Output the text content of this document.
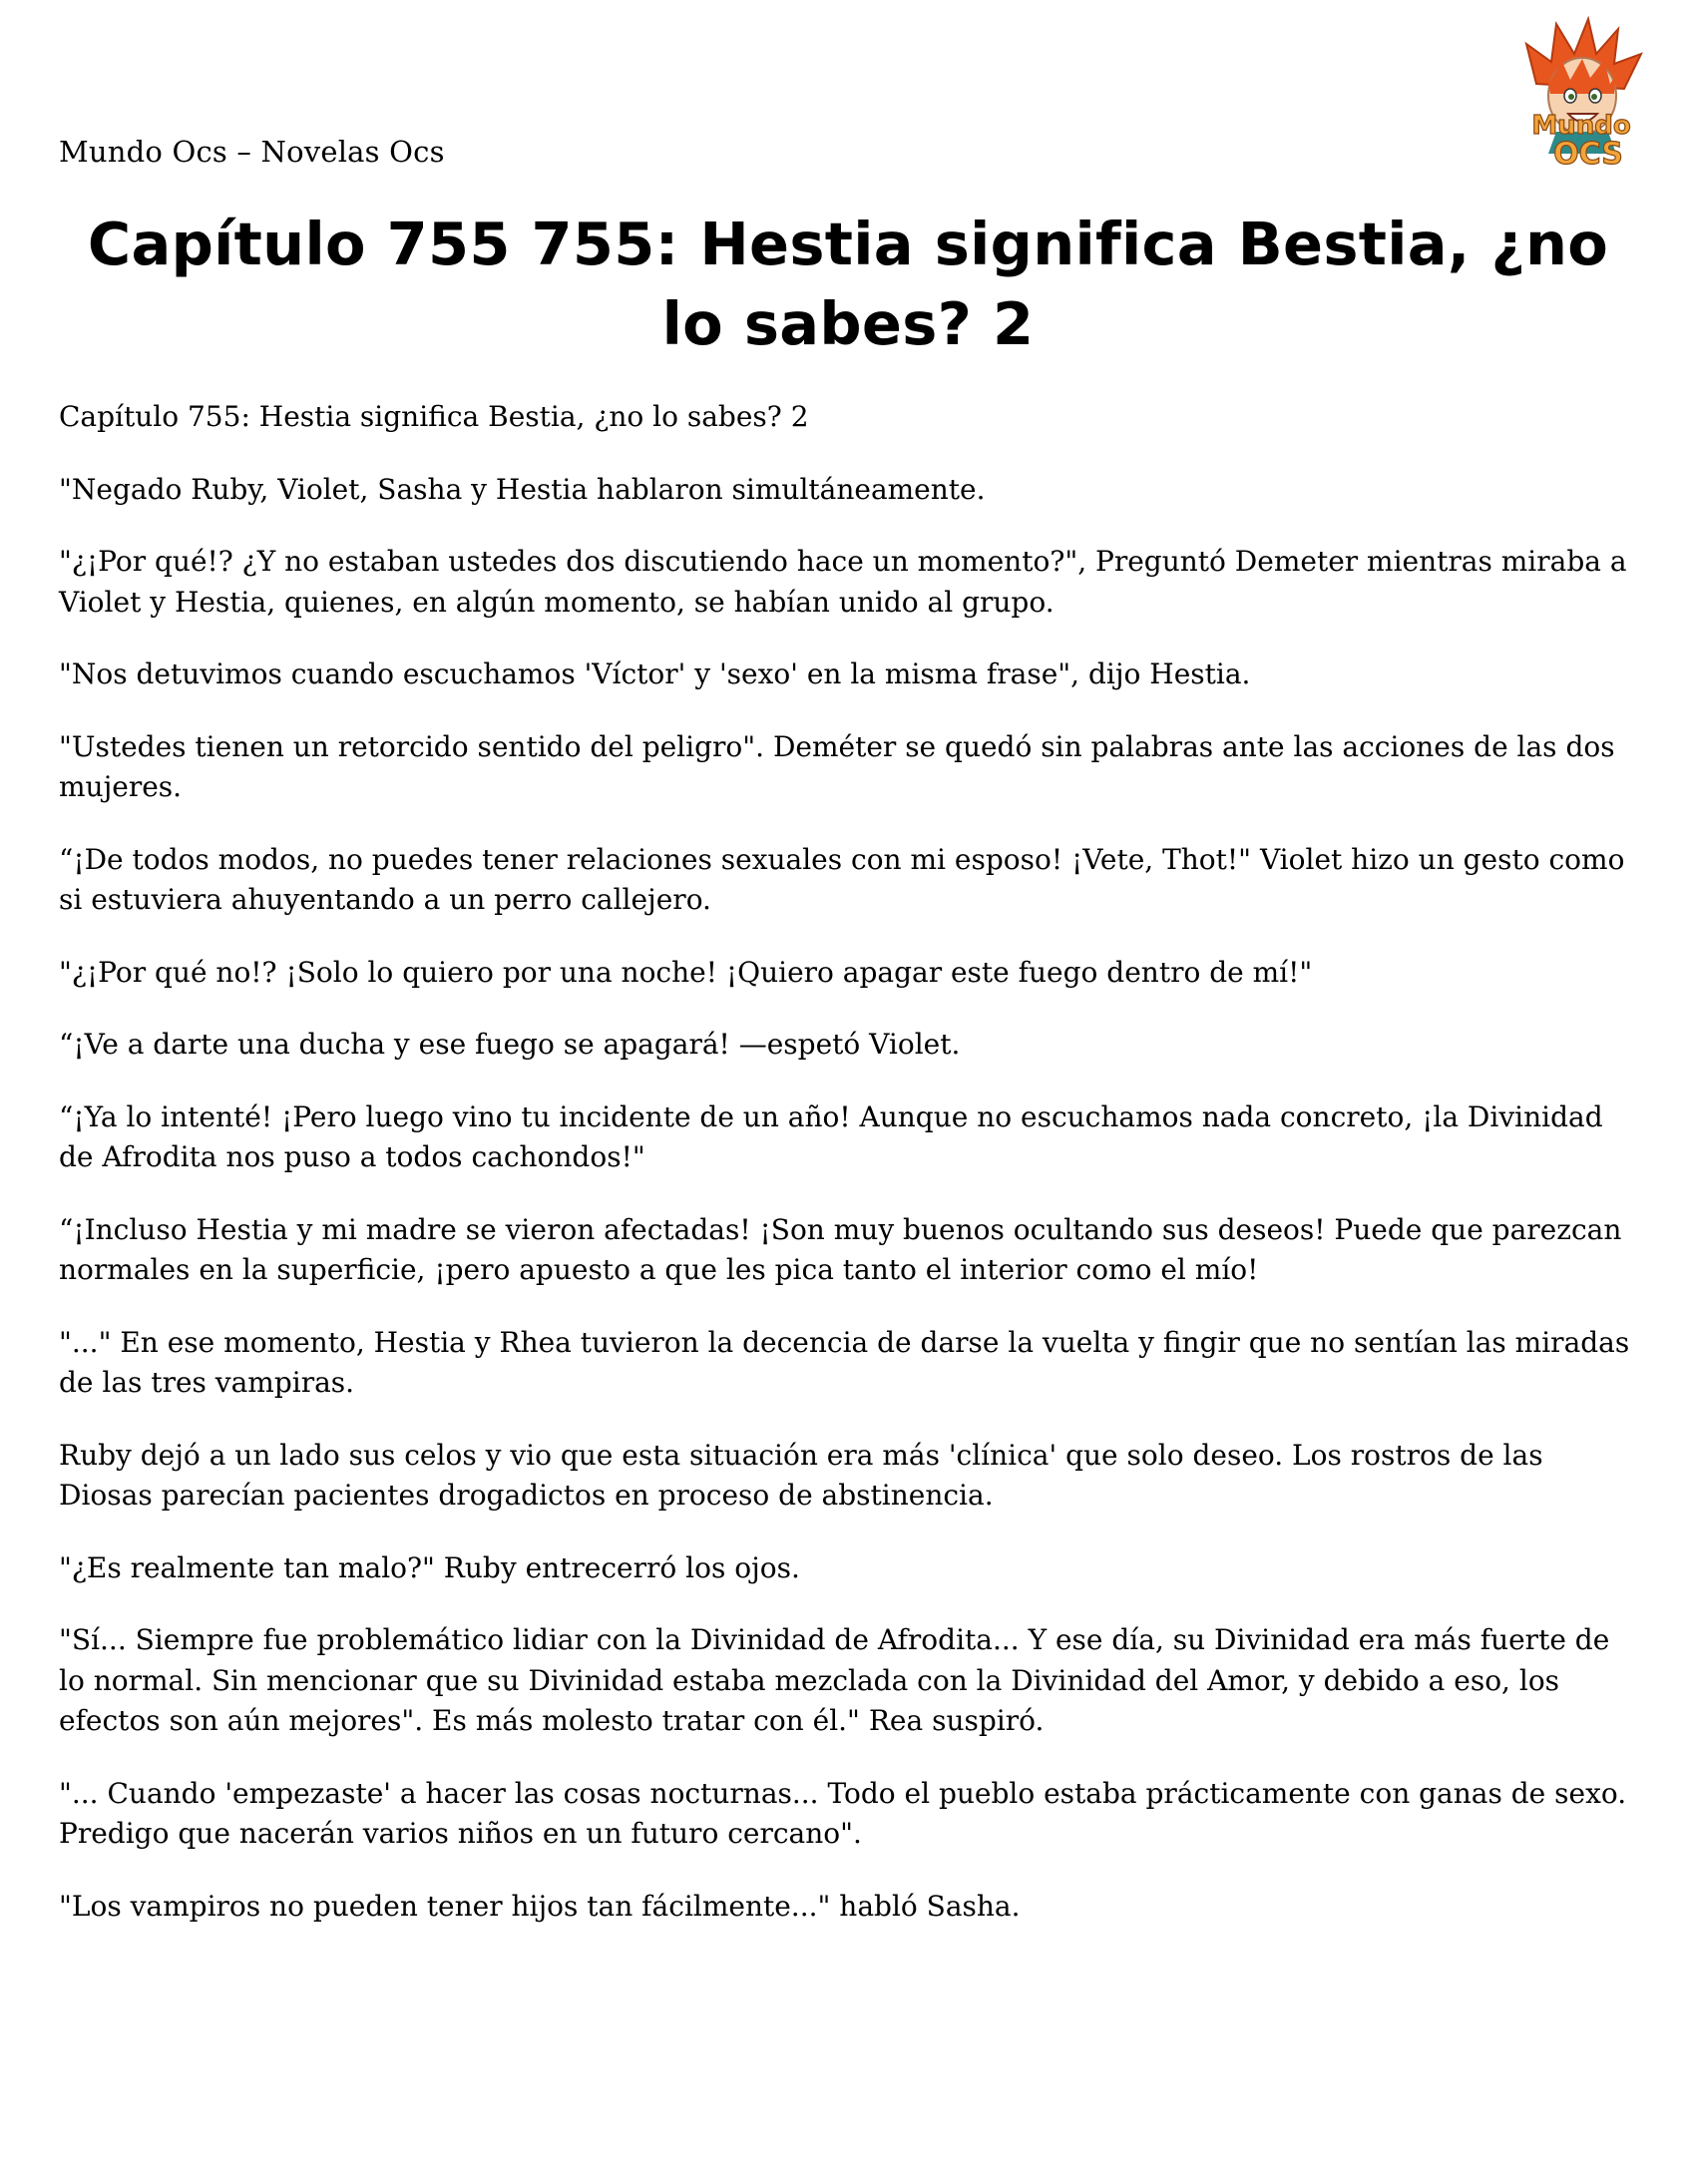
Mundo Ocs – Novelas Ocs
Mundo
OCS
Capítulo 755 755: Hestia significa Bestia, ¿no lo sabes? 2

Capítulo 755: Hestia significa Bestia, ¿no lo sabes? 2

"Negado Ruby, Violet, Sasha y Hestia hablaron simultáneamente.

"¿¡Por qué!? ¿Y no estaban ustedes dos discutiendo hace un momento?", Preguntó Demeter mientras miraba a Violet y Hestia, quienes, en algún momento, se habían unido al grupo.

"Nos detuvimos cuando escuchamos 'Víctor' y 'sexo' en la misma frase", dijo Hestia.

"Ustedes tienen un retorcido sentido del peligro". Deméter se quedó sin palabras ante las acciones de las dos mujeres.

“¡De todos modos, no puedes tener relaciones sexuales con mi esposo! ¡Vete, Thot!" Violet hizo un gesto como si estuviera ahuyentando a un perro callejero.

"¿¡Por qué no!? ¡Solo lo quiero por una noche! ¡Quiero apagar este fuego dentro de mí!"

“¡Ve a darte una ducha y ese fuego se apagará! —espetó Violet.

“¡Ya lo intenté! ¡Pero luego vino tu incidente de un año! Aunque no escuchamos nada concreto, ¡la Divinidad de Afrodita nos puso a todos cachondos!"

“¡Incluso Hestia y mi madre se vieron afectadas! ¡Son muy buenos ocultando sus deseos! Puede que parezcan normales en la superficie, ¡pero apuesto a que les pica tanto el interior como el mío!

"..." En ese momento, Hestia y Rhea tuvieron la decencia de darse la vuelta y fingir que no sentían las miradas de las tres vampiras.

Ruby dejó a un lado sus celos y vio que esta situación era más 'clínica' que solo deseo. Los rostros de las Diosas parecían pacientes drogadictos en proceso de abstinencia.

"¿Es realmente tan malo?" Ruby entrecerró los ojos.

"Sí... Siempre fue problemático lidiar con la Divinidad de Afrodita... Y ese día, su Divinidad era más fuerte de lo normal. Sin mencionar que su Divinidad estaba mezclada con la Divinidad del Amor, y debido a eso, los efectos son aún mejores". Es más molesto tratar con él." Rea suspiró.

"... Cuando 'empezaste' a hacer las cosas nocturnas... Todo el pueblo estaba prácticamente con ganas de sexo. Predigo que nacerán varios niños en un futuro cercano".

"Los vampiros no pueden tener hijos tan fácilmente..." habló Sasha.
